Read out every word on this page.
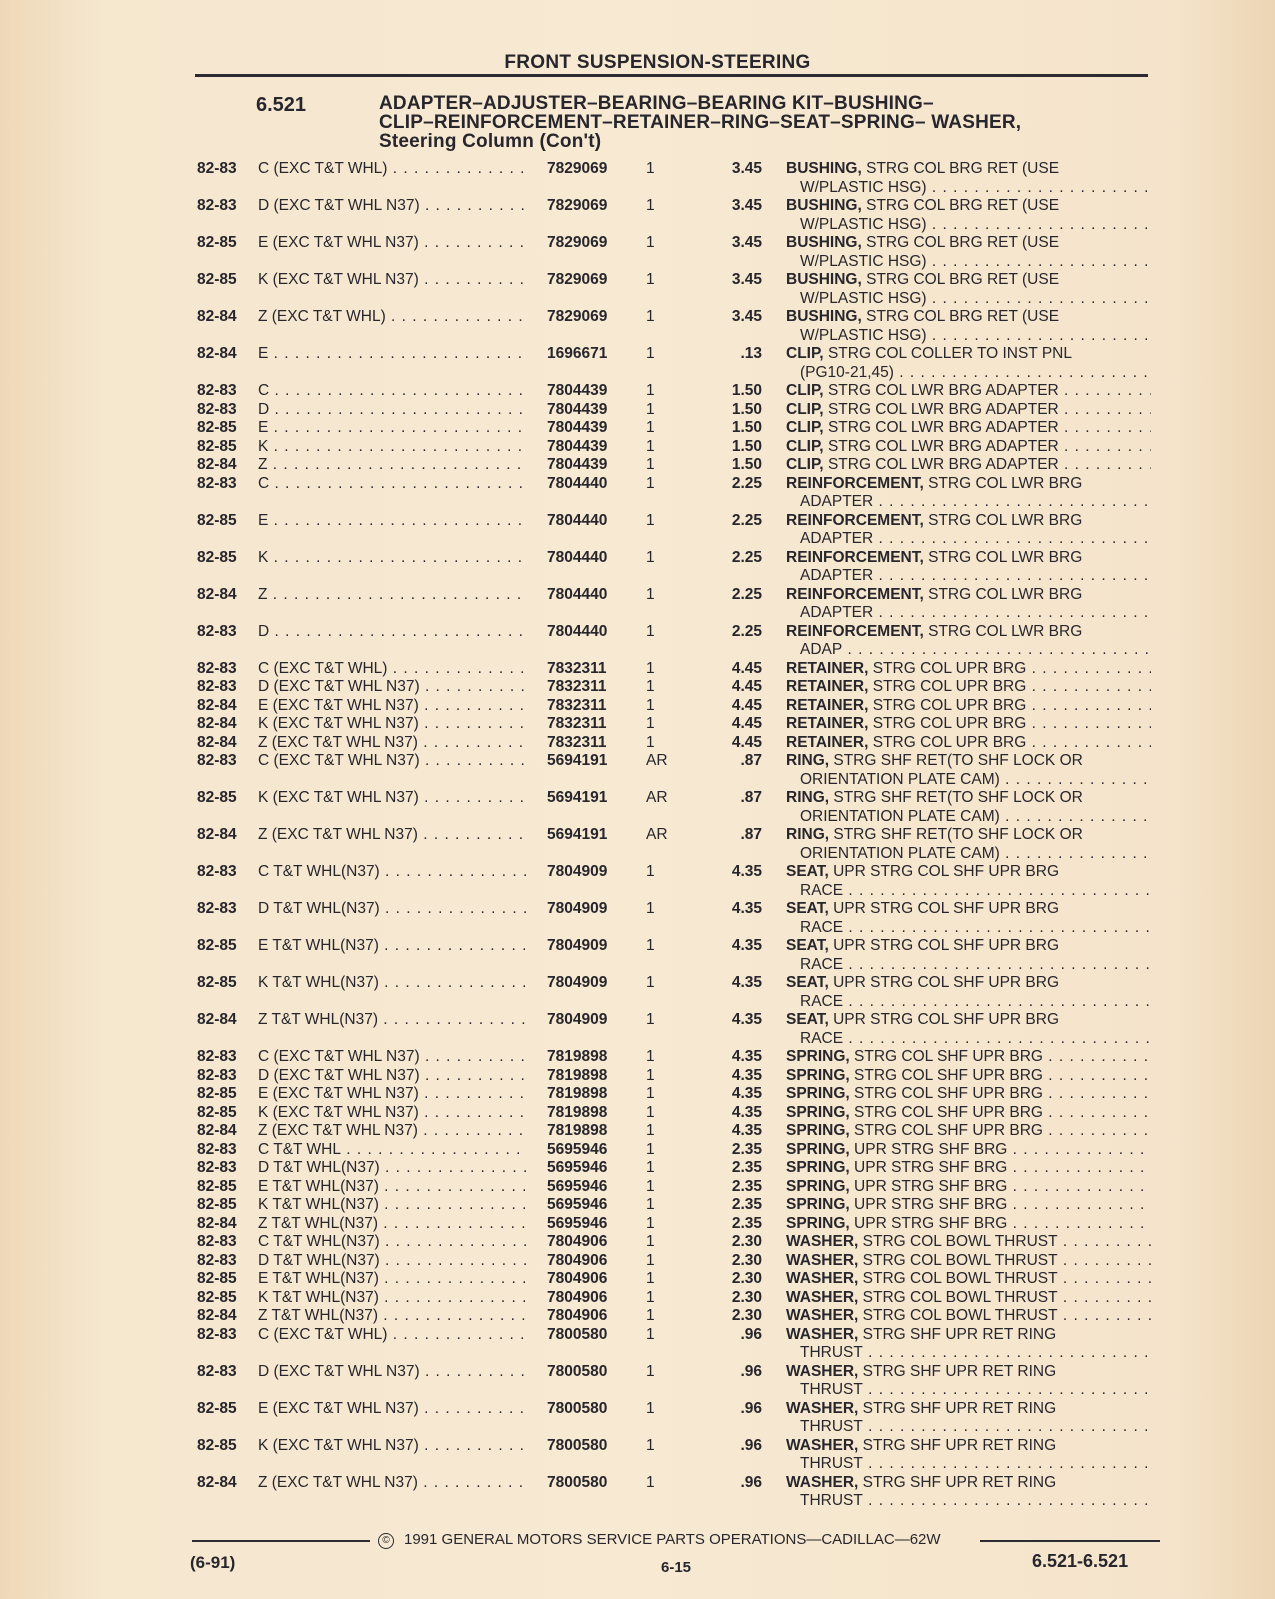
FRONT SUSPENSION-STEERING
6.521	ADAPTER–ADJUSTER–BEARING–BEARING KIT–BUSHING–
CLIP–REINFORCEMENT–RETAINER–RING–SEAT–SPRING– WASHER,
Steering Column (Con't)
82-83 C (EXC T&T WHL) . . .	7829069 1	3.45 BUSHING, STRG COL BRG RET (USE
W/PLASTIC HSG) . . .
82-83 D (EXC T&T WHL N37) . . .	7829069 1	3.45 BUSHING, STRG COL BRG RET (USE
W/PLASTIC HSG) . . .
82-85 E (EXC T&T WHL N37) . . .	7829069 1	3.45 BUSHING, STRG COL BRG RET (USE
W/PLASTIC HSG) . . .
82-85 K (EXC T&T WHL N37) . . .	7829069 1	3.45 BUSHING, STRG COL BRG RET (USE
W/PLASTIC HSG) . . .
82-84 Z (EXC T&T WHL) . . .	7829069 1	3.45 BUSHING, STRG COL BRG RET (USE
W/PLASTIC HSG) . . .
82-84 E . . .	1696671 1	.13 CLIP, STRG COL COLLER TO INST PNL
(PG10-21,45) . . .
82-83 C . . .	7804439 1	1.50 CLIP, STRG COL LWR BRG ADAPTER . . .
82-83 D . . .	7804439 1	1.50 CLIP, STRG COL LWR BRG ADAPTER . . .
82-85 E . . .	7804439 1	1.50 CLIP, STRG COL LWR BRG ADAPTER . . .
82-85 K . . .	7804439 1	1.50 CLIP, STRG COL LWR BRG ADAPTER . . .
82-84 Z . . .	7804439 1	1.50 CLIP, STRG COL LWR BRG ADAPTER . . .
82-83 C . . .	7804440 1	2.25 REINFORCEMENT, STRG COL LWR BRG
ADAPTER . . .
82-85 E . . .	7804440 1	2.25 REINFORCEMENT, STRG COL LWR BRG
ADAPTER . . .
82-85 K . . .	7804440 1	2.25 REINFORCEMENT, STRG COL LWR BRG
ADAPTER . . .
82-84 Z . . .	7804440 1	2.25 REINFORCEMENT, STRG COL LWR BRG
ADAPTER . . .
82-83 D . . .	7804440 1	2.25 REINFORCEMENT, STRG COL LWR BRG
ADAP . . .
82-83 C (EXC T&T WHL) . . .	7832311	1	4.45 RETAINER, STRG COL UPR BRG . . .
82-83 D (EXC T&T WHL N37) . . .	7832311	1	4.45 RETAINER, STRG COL UPR BRG . . .
82-84 E (EXC T&T WHL N37) . . .	7832311	1	4.45 RETAINER, STRG COL UPR BRG . . .
82-84 K (EXC T&T WHL N37) . . .	7832311	1	4.45 RETAINER, STRG COL UPR BRG . . .
82-84 Z (EXC T&T WHL N37) . . .	7832311	1	4.45 RETAINER, STRG COL UPR BRG . . .
82-83 C (EXC T&T WHL N37) . . .	5694191 AR	.87 RING, STRG SHF RET(TO SHF LOCK OR
ORIENTATION PLATE CAM) . . .
82-85 K (EXC T&T WHL N37) . . .	5694191 AR	.87 RING, STRG SHF RET(TO SHF LOCK OR
ORIENTATION PLATE CAM) . . .
82-84 Z (EXC T&T WHL N37) . . .	5694191 AR	.87 RING, STRG SHF RET(TO SHF LOCK OR
ORIENTATION PLATE CAM) . . .
82-83 C T&T WHL(N37) . . .	7804909 1	4.35 SEAT, UPR STRG COL SHF UPR BRG
RACE . . .
82-83 D T&T WHL(N37) . . .	7804909 1	4.35 SEAT, UPR STRG COL SHF UPR BRG
RACE . . .
82-85 E T&T WHL(N37) . . .	7804909 1	4.35 SEAT, UPR STRG COL SHF UPR BRG
RACE . . .
82-85 K T&T WHL(N37) . . .	7804909 1	4.35 SEAT, UPR STRG COL SHF UPR BRG
RACE . . .
82-84 Z T&T WHL(N37) . . .	7804909 1	4.35 SEAT, UPR STRG COL SHF UPR BRG
RACE . . .
82-83 C (EXC T&T WHL N37) . . .	7819898 1	4.35 SPRING, STRG COL SHF UPR BRG . . .
82-83 D (EXC T&T WHL N37) . . .	7819898 1	4.35 SPRING, STRG COL SHF UPR BRG . . .
82-85 E (EXC T&T WHL N37) . . .	7819898 1	4.35 SPRING, STRG COL SHF UPR BRG . . .
82-85 K (EXC T&T WHL N37) . . .	7819898 1	4.35 SPRING, STRG COL SHF UPR BRG . . .
82-84 Z (EXC T&T WHL N37) . . .	7819898 1	4.35 SPRING, STRG COL SHF UPR BRG . . .
82-83 C T&T WHL . . .	5695946 1	2.35 SPRING, UPR STRG SHF BRG . . .
82-83 D T&T WHL(N37) . . .	5695946 1	2.35 SPRING, UPR STRG SHF BRG . . .
82-85 E T&T WHL(N37) . . .	5695946 1	2.35 SPRING, UPR STRG SHF BRG . . .
82-85 K T&T WHL(N37) . . .	5695946 1	2.35 SPRING, UPR STRG SHF BRG . . .
82-84 Z T&T WHL(N37) . . .	5695946 1	2.35 SPRING, UPR STRG SHF BRG . . .
82-83 C T&T WHL(N37) . . .	7804906 1	2.30 WASHER, STRG COL BOWL THRUST . . .
82-83 D T&T WHL(N37) . . .	7804906 1	2.30 WASHER, STRG COL BOWL THRUST . . .
82-85 E T&T WHL(N37) . . .	7804906 1	2.30 WASHER, STRG COL BOWL THRUST . . .
82-85 K T&T WHL(N37) . . .	7804906 1	2.30 WASHER, STRG COL BOWL THRUST . . .
82-84 Z T&T WHL(N37) . . .	7804906 1	2.30 WASHER, STRG COL BOWL THRUST . . .
82-83 C (EXC T&T WHL) . . .	7800580 1	.96 WASHER, STRG SHF UPR RET RING
THRUST . . .
82-83 D (EXC T&T WHL N37) . . .	7800580 1	.96 WASHER, STRG SHF UPR RET RING
THRUST . . .
82-85 E (EXC T&T WHL N37) . . .	7800580 1	.96 WASHER, STRG SHF UPR RET RING
THRUST . . .
82-85 K (EXC T&T WHL N37) . . .	7800580 1	.96 WASHER, STRG SHF UPR RET RING
THRUST . . .
82-84 Z (EXC T&T WHL N37) . . .	7800580 1	.96 WASHER, STRG SHF UPR RET RING
THRUST . . .
© 1991 GENERAL MOTORS SERVICE PARTS OPERATIONS—CADILLAC—62W
(6-91)	6-15	6.521-6.521
